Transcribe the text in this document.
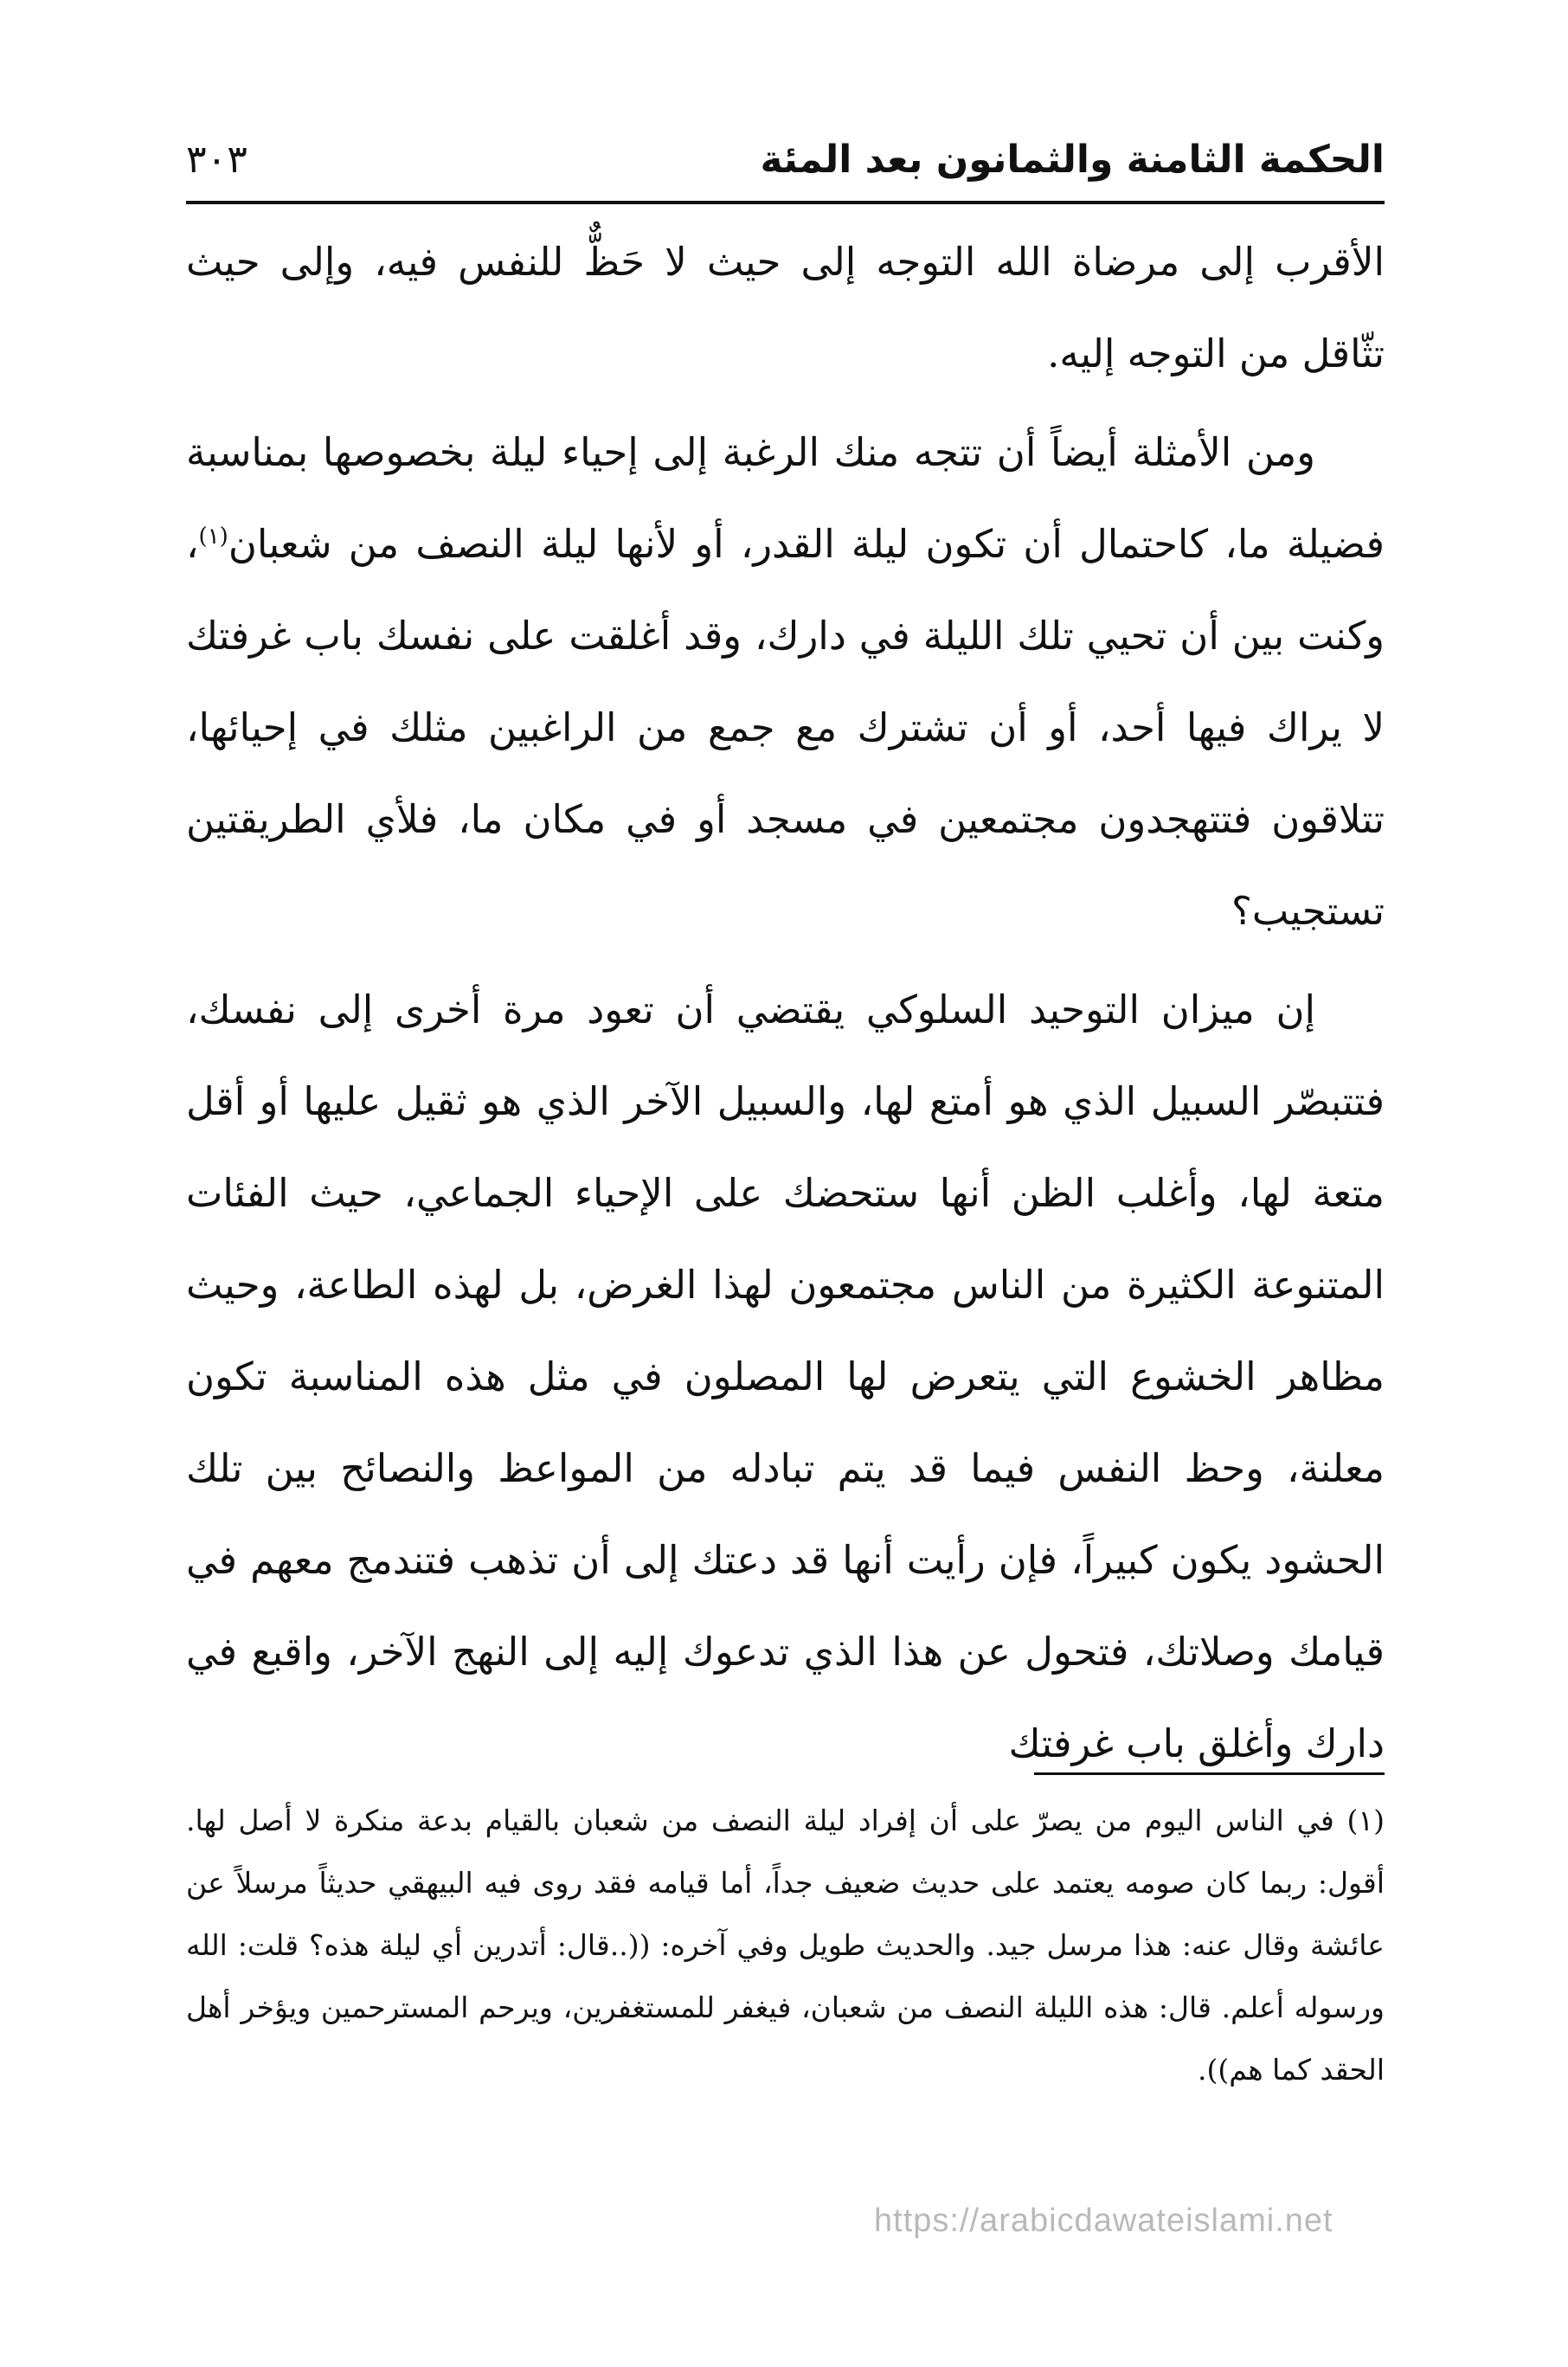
الحكمة الثامنة والثمانون بعد المئة
٣٠٣

الأقرب إلى مرضاة الله التوجه إلى حيث لا حَظٌّ للنفس فيه، وإلى حيث تثّاقل من التوجه إليه.

ومن الأمثلة أيضاً أن تتجه منك الرغبة إلى إحياء ليلة بخصوصها بمناسبة فضيلة ما، كاحتمال أن تكون ليلة القدر، أو لأنها ليلة النصف من شعبان$^{(١)}$، وكنت بين أن تحيي تلك الليلة في دارك، وقد أغلقت على نفسك باب غرفتك لا يراك فيها أحد، أو أن تشترك مع جمع من الراغبين مثلك في إحيائها، تتلاقون فتتهجدون مجتمعين في مسجد أو في مكان ما، فلأي الطريقتين تستجيب؟

إن ميزان التوحيد السلوكي يقتضي أن تعود مرة أخرى إلى نفسك، فتتبصّر السبيل الذي هو أمتع لها، والسبيل الآخر الذي هو ثقيل عليها أو أقل متعة لها، وأغلب الظن أنها ستحضك على الإحياء الجماعي، حيث الفئات المتنوعة الكثيرة من الناس مجتمعون لهذا الغرض، بل لهذه الطاعة، وحيث مظاهر الخشوع التي يتعرض لها المصلون في مثل هذه المناسبة تكون معلنة، وحظ النفس فيما قد يتم تبادله من المواعظ والنصائح بين تلك الحشود يكون كبيراً، فإن رأيت أنها قد دعتك إلى أن تذهب فتندمج معهم في قيامك وصلاتك، فتحول عن هذا الذي تدعوك إليه إلى النهج الآخر، واقبع في دارك وأغلق باب غرفتك

(١) في الناس اليوم من يصرّ على أن إفراد ليلة النصف من شعبان بالقيام بدعة منكرة لا أصل لها. أقول: ربما كان صومه يعتمد على حديث ضعيف جداً، أما قيامه فقد روى فيه البيهقي حديثاً مرسلاً عن عائشة وقال عنه: هذا مرسل جيد. والحديث طويل وفي آخره: ((..قال: أتدرين أي ليلة هذه؟ قلت: الله ورسوله أعلم. قال: هذه الليلة النصف من شعبان، فيغفر للمستغفرين، ويرحم المسترحمين ويؤخر أهل الحقد كما هم)).

https://arabicdawateislami.net
